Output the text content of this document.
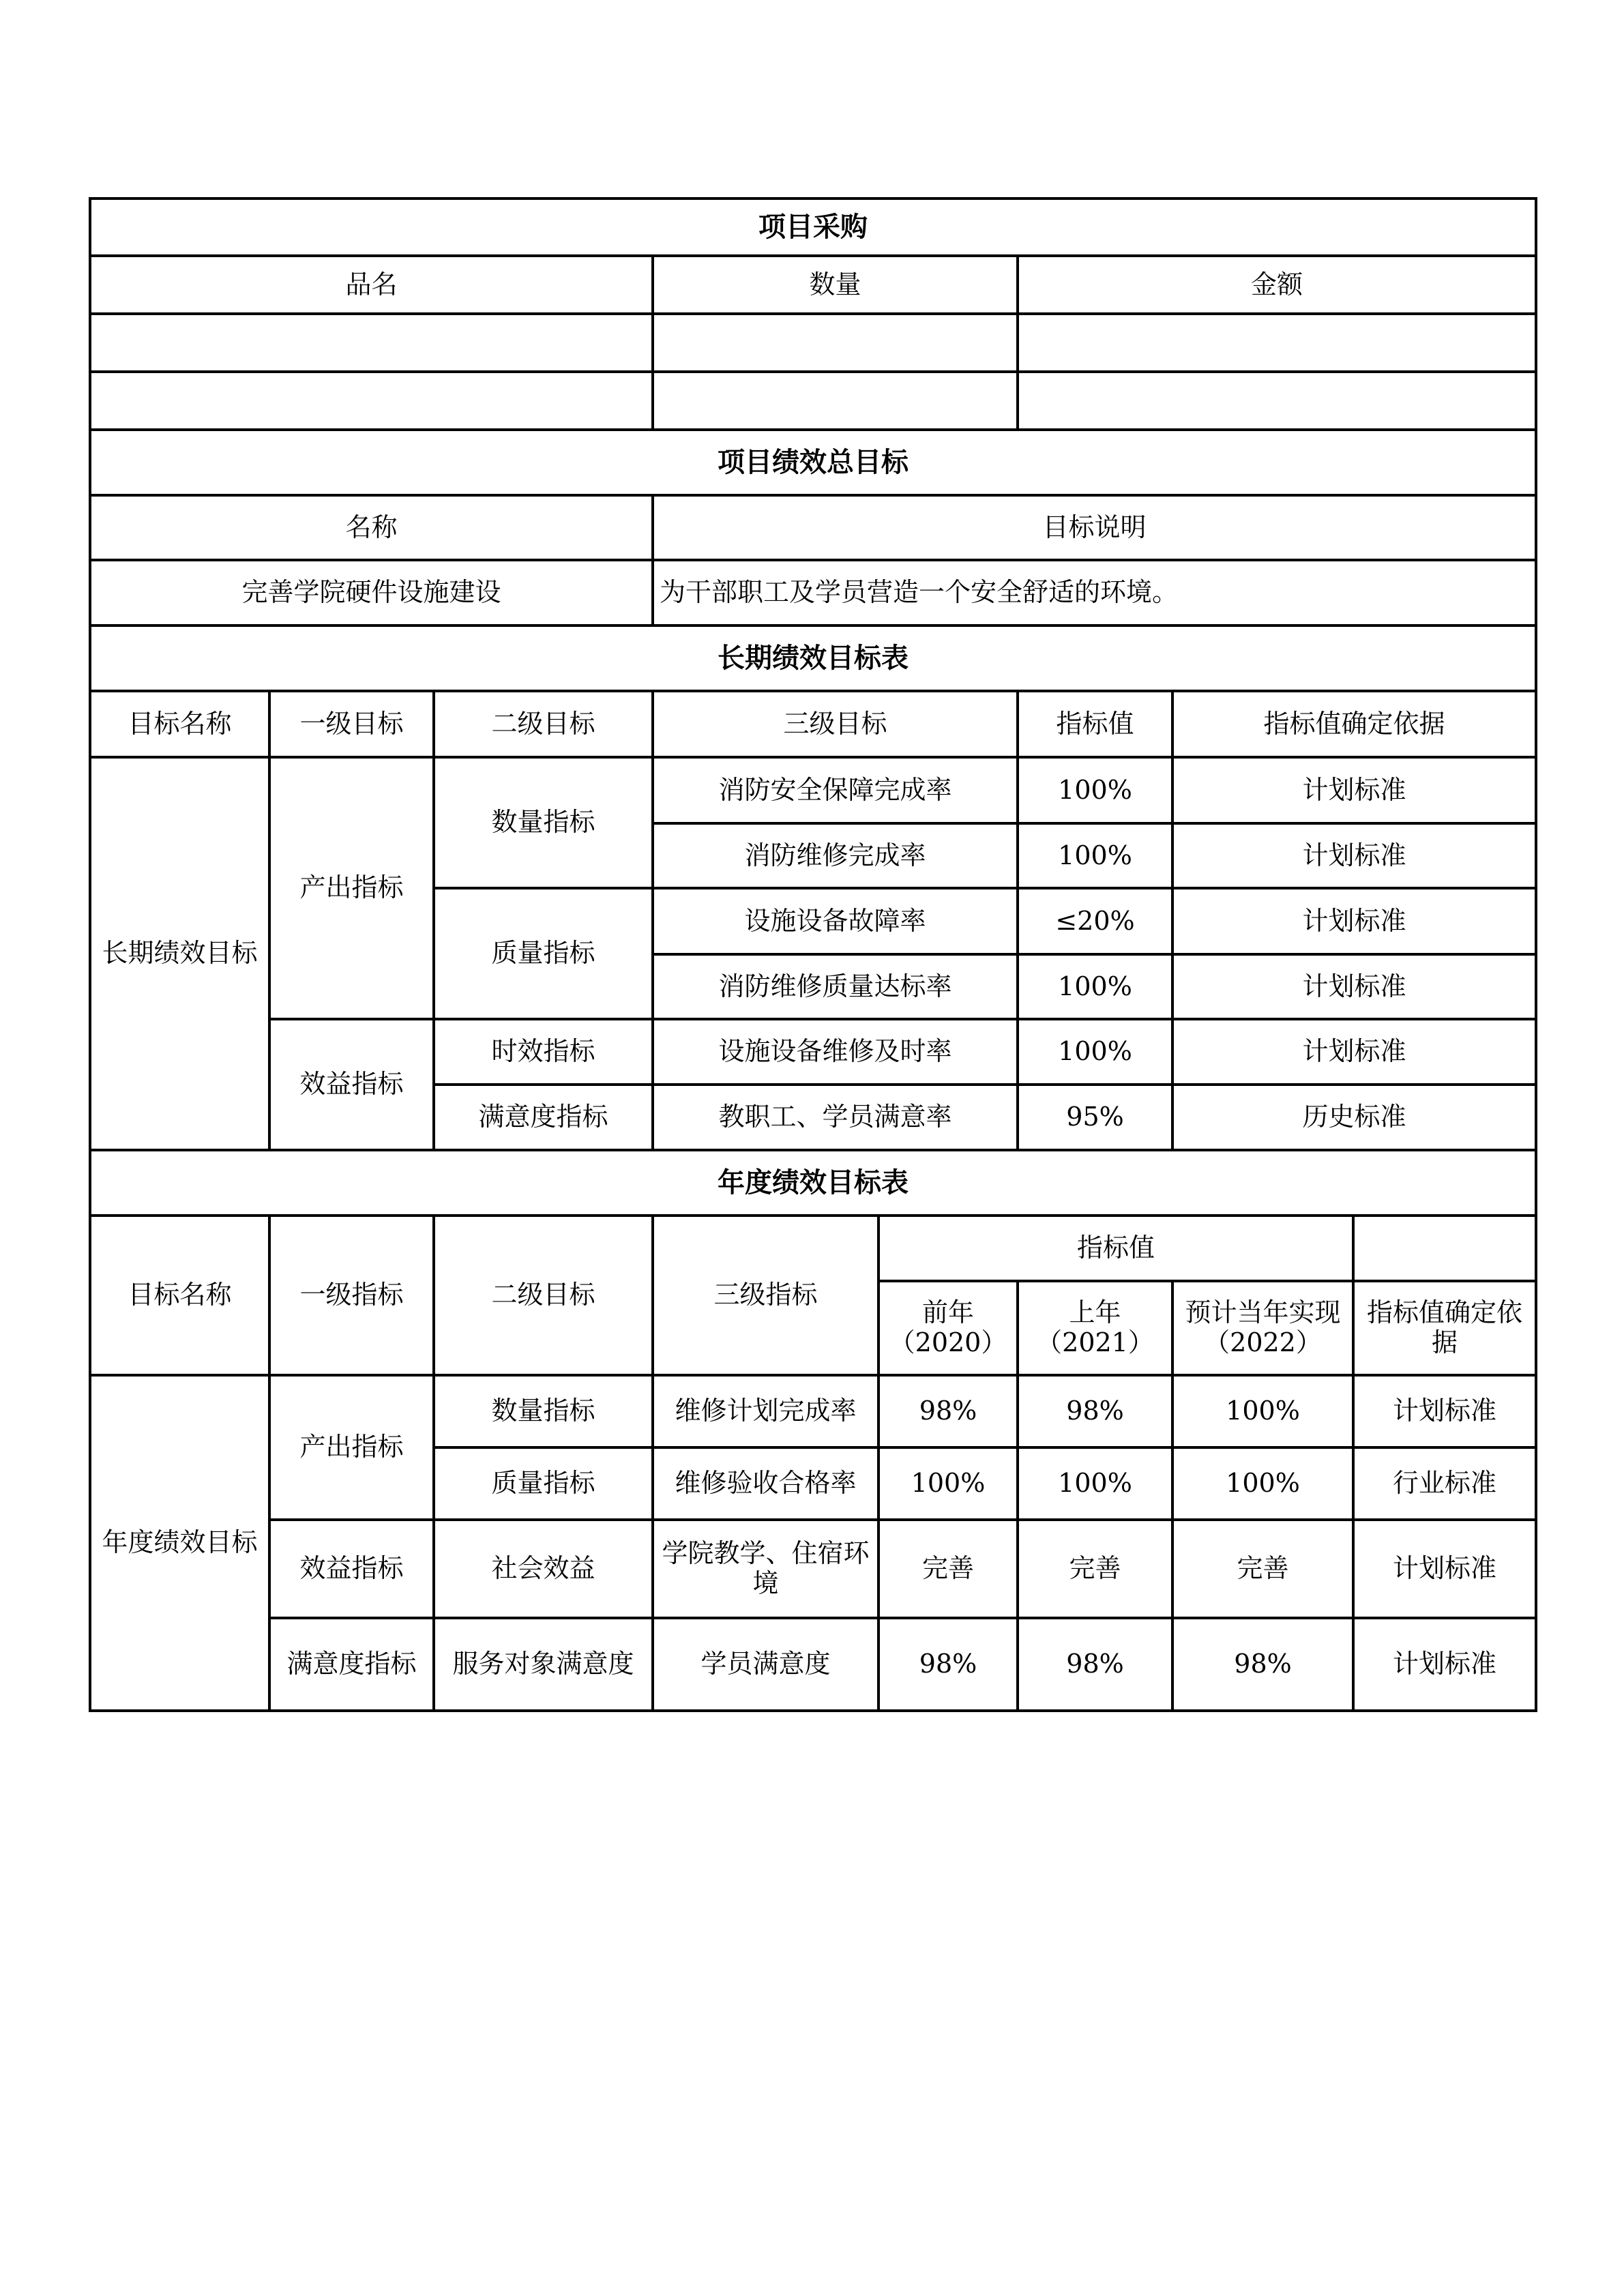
项目采购		
品名	数量	金额

项目绩效总目标	
名称	目标说明
完善学院硬件设施建设	为干部职工及学员营造一个安全舒适的环境。
长期绩效目标表					
目标名称	一级目标	二级目标	三级目标	指标值	指标值确定依据
长期绩效目标	产出指标	数量指标	消防安全保障完成率	100%	计划标准
			消防维修完成率	100%	计划标准
		质量指标	设施设备故障率	≤20%	计划标准
			消防维修质量达标率	100%	计划标准
	效益指标	时效指标	设施设备维修及时率	100%	计划标准
		满意度指标	教职工、学员满意率	95%	历史标准
年度绩效目标表							
目标名称	一级指标	二级目标	三级指标	指标值			
				前年（2020）	上年（2021）	预计当年实现（2022）	指标值确定依据
年度绩效目标	产出指标	数量指标	维修计划完成率	98%	98%	100%	计划标准
		质量指标	维修验收合格率	100%	100%	100%	行业标准
	效益指标	社会效益	学院教学、住宿环境	完善	完善	完善	计划标准
	满意度指标	服务对象满意度	学员满意度	98%	98%	98%	计划标准
